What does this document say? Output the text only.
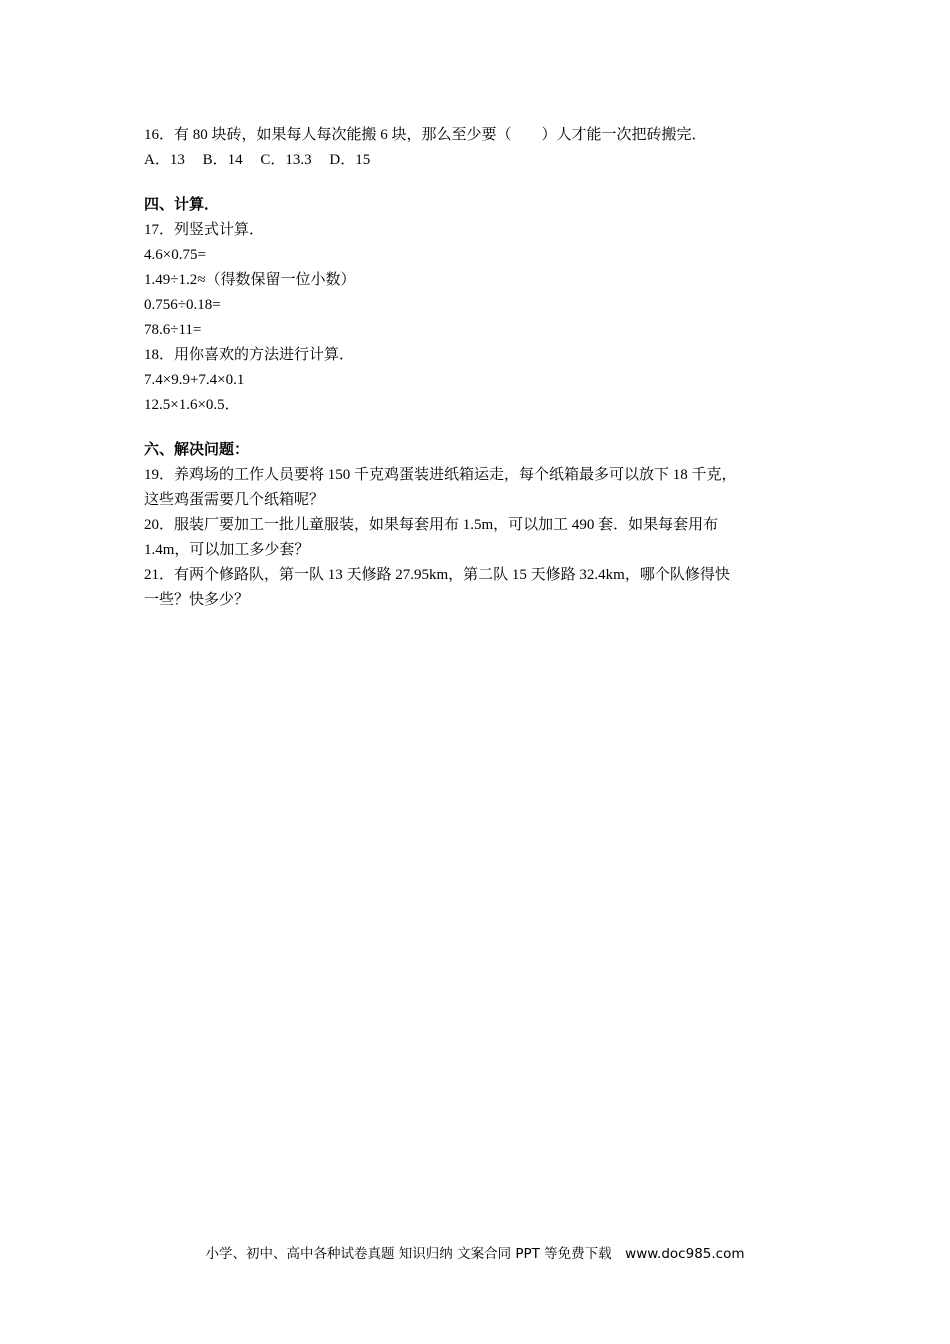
16．有 80 块砖，如果每人每次能搬 6 块，那么至少要（　　）人才能一次把砖搬完．
A．13 B．14 C．13.3 D．15
四、计算．
17．列竖式计算．
4.6×0.75=
1.49÷1.2≈（得数保留一位小数）
0.756÷0.18=
78.6÷11=
18．用你喜欢的方法进行计算．
7.4×9.9+7.4×0.1
12.5×1.6×0.5．
六、解决问题：
19．养鸡场的工作人员要将 150 千克鸡蛋装进纸箱运走，每个纸箱最多可以放下 18 千克，
这些鸡蛋需要几个纸箱呢？
20．服装厂要加工一批儿童服装，如果每套用布 1.5m，可以加工 490 套．如果每套用布
1.4m，可以加工多少套？
21．有两个修路队，第一队 13 天修路 27.95km，第二队 15 天修路 32.4km，哪个队修得快
一些？快多少？
小学、初中、高中各种试卷真题 知识归纳 文案合同 PPT 等免费下载　www.doc985.com
